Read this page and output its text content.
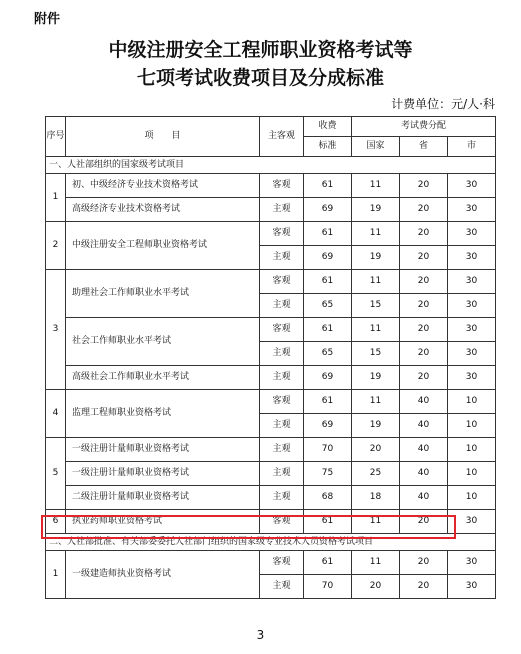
附件
中级注册安全工程师职业资格考试等
七项考试收费项目及分成标准
计费单位：元/人·科
序号	项　　目	主客观	收费	考试费分配		
			标准	国家	省	市
一、人社部组织的国家级考试项目						
1	初、中级经济专业技术资格考试	客观	61	11	20	30
	高级经济专业技术资格考试	主观	69	19	20	30
2	中级注册安全工程师职业资格考试	客观	61	11	20	30
		主观	69	19	20	30
3	助理社会工作师职业水平考试	客观	61	11	20	30
		主观	65	15	20	30
	社会工作师职业水平考试	客观	61	11	20	30
		主观	65	15	20	30
	高级社会工作师职业水平考试	主观	69	19	20	30
4	监理工程师职业资格考试	客观	61	11	40	10
		主观	69	19	40	10
5	一级注册计量师职业资格考试	主观	70	20	40	10
	一级注册计量师职业资格考试	主观	75	25	40	10
	二级注册计量师职业资格考试	主观	68	18	40	10
6	执业药师职业资格考试	客观	61	11	20	30
二、人社部批准、有关部委委托人社部门组织的国家级专业技术人员资格考试项目						
1	一级建造师执业资格考试	客观	61	11	20	30
		主观	70	20	20	30
3
